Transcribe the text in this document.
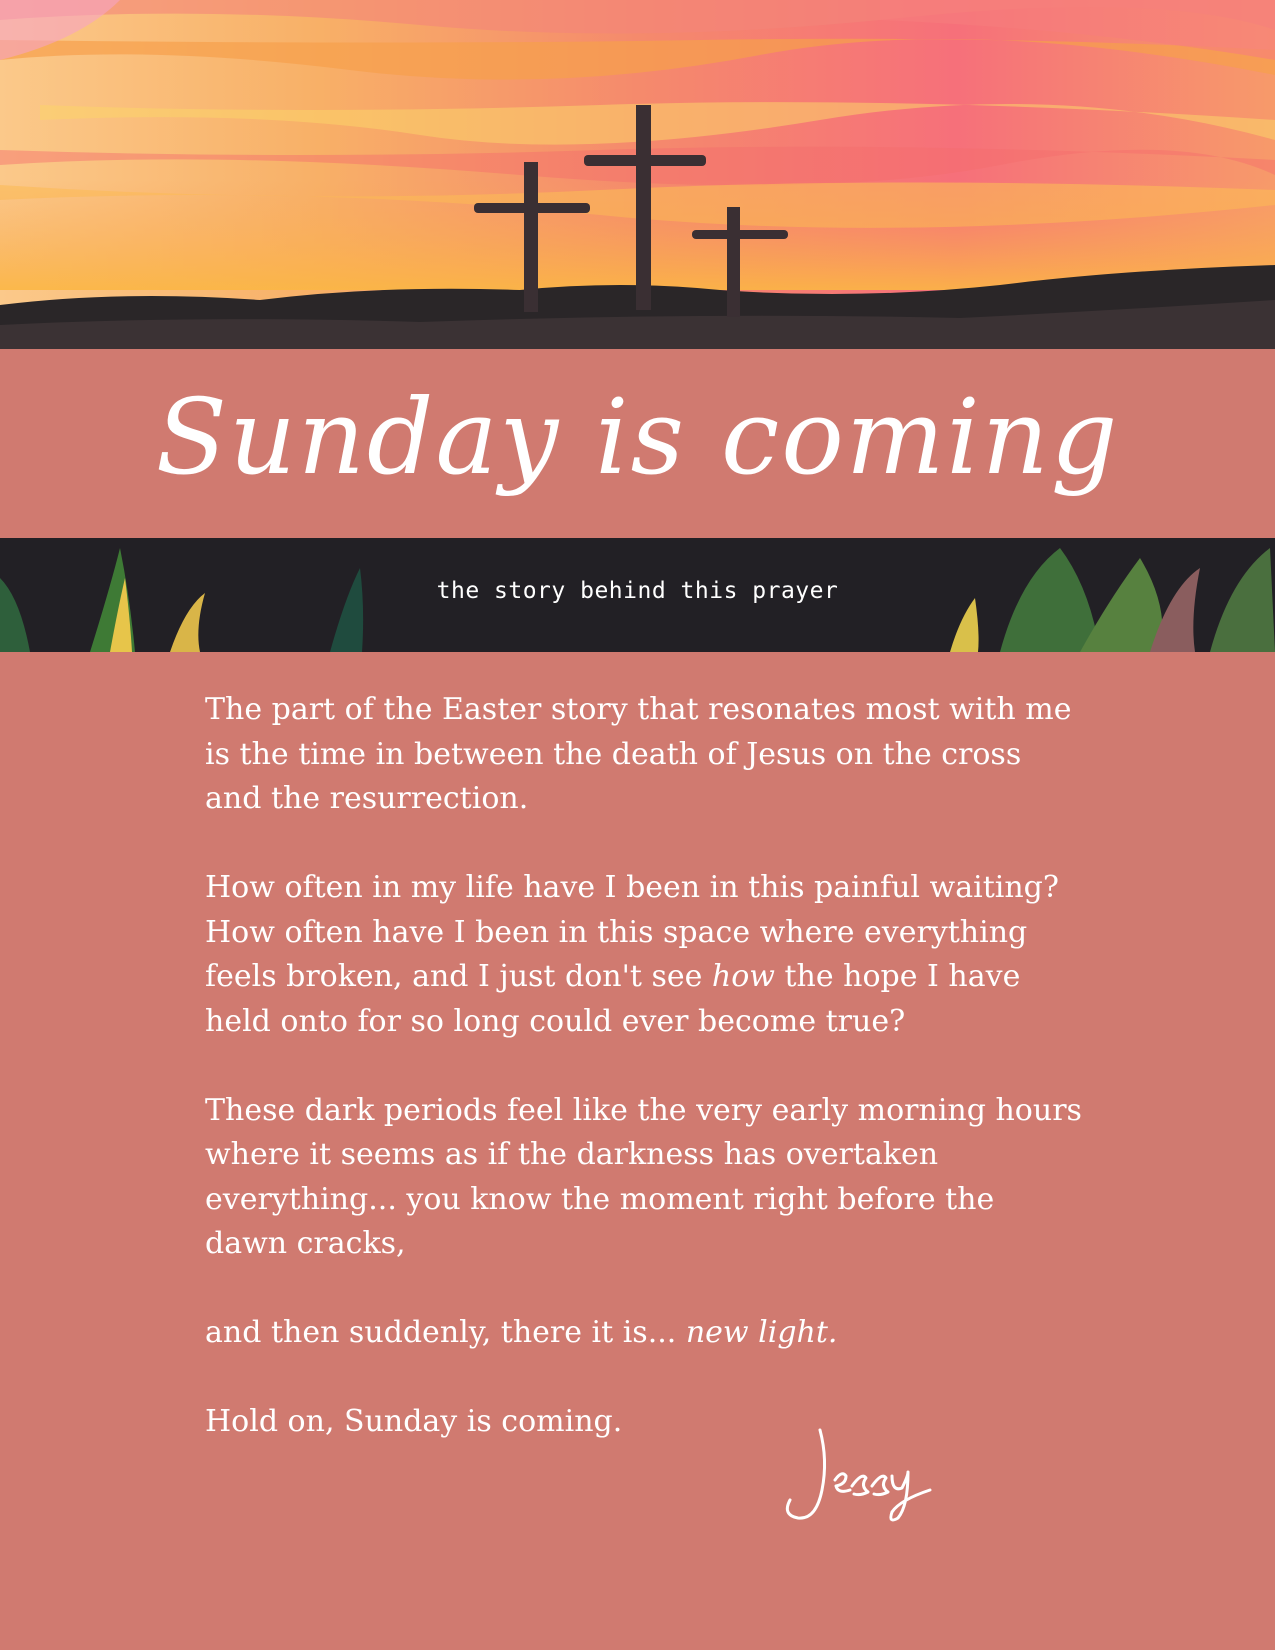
Sunday is coming
the story behind this prayer

The part of the Easter story that resonates most with me is the time in between the death of Jesus on the cross and the resurrection.

How often in my life have I been in this painful waiting? How often have I been in this space where everything feels broken, and I just don't see how the hope I have held onto for so long could ever become true?

These dark periods feel like the very early morning hours where it seems as if the darkness has overtaken everything... you know the moment right before the dawn cracks,

and then suddenly, there it is... new light.

Hold on, Sunday is coming.
